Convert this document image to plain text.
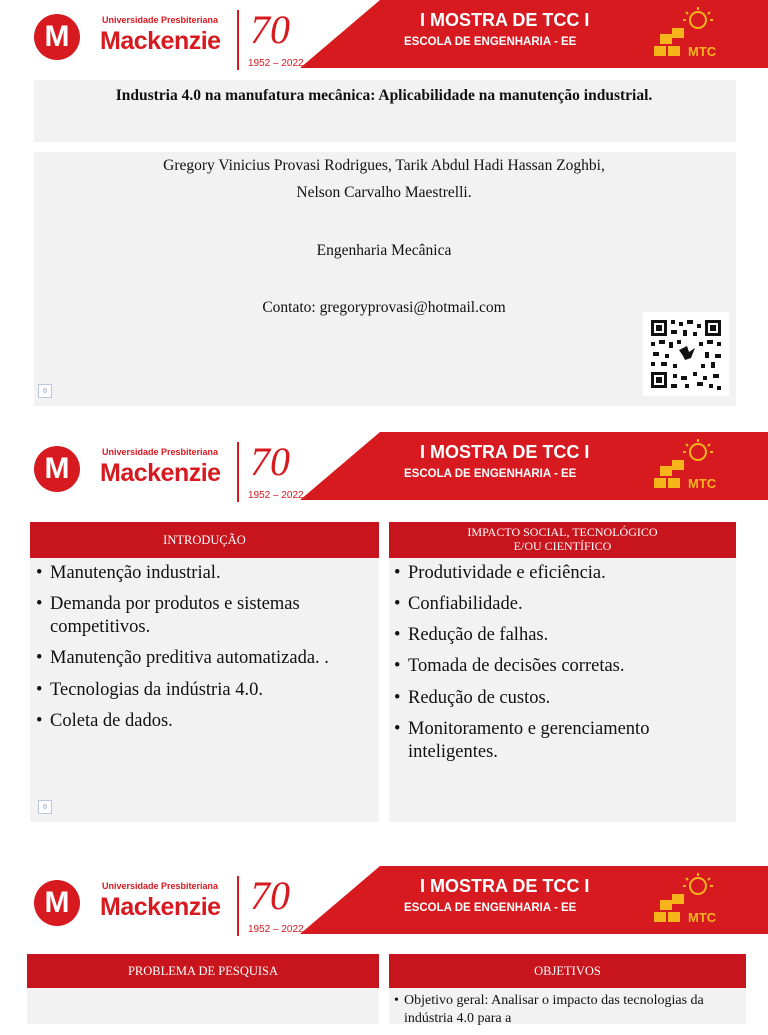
M	Universidade Presbiteriana
Mackenzie 70
1952 – 2022
I MOSTRA DE TCC I
ESCOLA DE ENGENHARIA - EE
MTC
Industria 4.0 na manufatura mecânica: Aplicabilidade na manutenção industrial.
Gregory Vinicius Provasi Rodrigues, Tarik Abdul Hadi Hassan Zoghbi,
Nelson Carvalho Maestrelli.
Engenharia Mecânica
Contato: gregoryprovasi@hotmail.com
0
M	Universidade Presbiteriana
Mackenzie 70
1952 – 2022
I MOSTRA DE TCC I
ESCOLA DE ENGENHARIA - EE
MTC
INTRODUÇÃO
• Manutenção industrial.
• Demanda por produtos e sistemas competitivos.
• Manutenção preditiva automatizada. .
• Tecnologias da indústria 4.0.
• Coleta de dados.
0
IMPACTO SOCIAL, TECNOLÓGICO
E/OU CIENTÍFICO
• Produtividade e eficiência.
• Confiabilidade.
• Redução de falhas.
• Tomada de decisões corretas.
• Redução de custos.
• Monitoramento e gerenciamento inteligentes.
M	Universidade Presbiteriana
Mackenzie 70
1952 – 2022
I MOSTRA DE TCC I
ESCOLA DE ENGENHARIA - EE
MTC
PROBLEMA DE PESQUISA	OBJETIVOS
• Objetivo geral: Analisar o impacto das tecnologias da indústria 4.0 para a
